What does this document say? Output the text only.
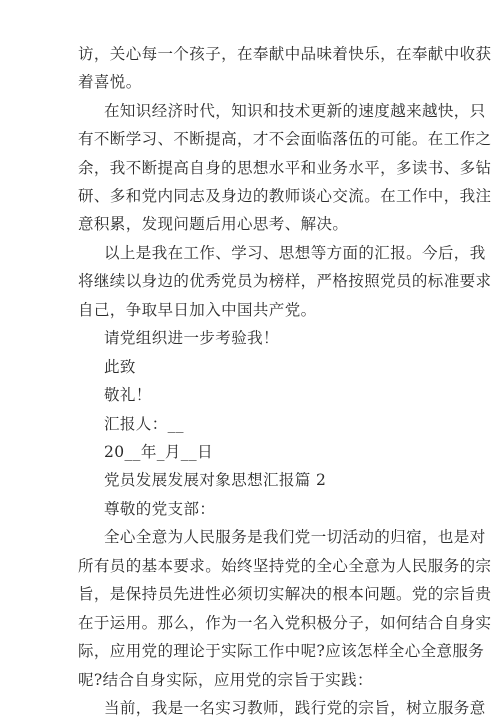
访，关心每一个孩子，在奉献中品味着快乐，在奉献中收获
着喜悦。
在知识经济时代，知识和技术更新的速度越来越快，只
有不断学习、不断提高，才不会面临落伍的可能。在工作之
余，我不断提高自身的思想水平和业务水平，多读书、多钻
研、多和党内同志及身边的教师谈心交流。在工作中，我注
意积累，发现问题后用心思考、解决。
以上是我在工作、学习、思想等方面的汇报。今后，我
将继续以身边的优秀党员为榜样，严格按照党员的标准要求
自己，争取早日加入中国共产党。
请党组织进一步考验我！
此致
敬礼！
汇报人：__
20__年_月__日
党员发展发展对象思想汇报篇 2
尊敬的党支部：
全心全意为人民服务是我们党一切活动的归宿，也是对
所有员的基本要求。始终坚持党的全心全意为人民服务的宗
旨，是保持员先进性必须切实解决的根本问题。党的宗旨贵
在于运用。那么，作为一名入党积极分子，如何结合自身实
际，应用党的理论于实际工作中呢?应该怎样全心全意服务
呢?结合自身实际，应用党的宗旨于实践：
当前，我是一名实习教师，践行党的宗旨，树立服务意
